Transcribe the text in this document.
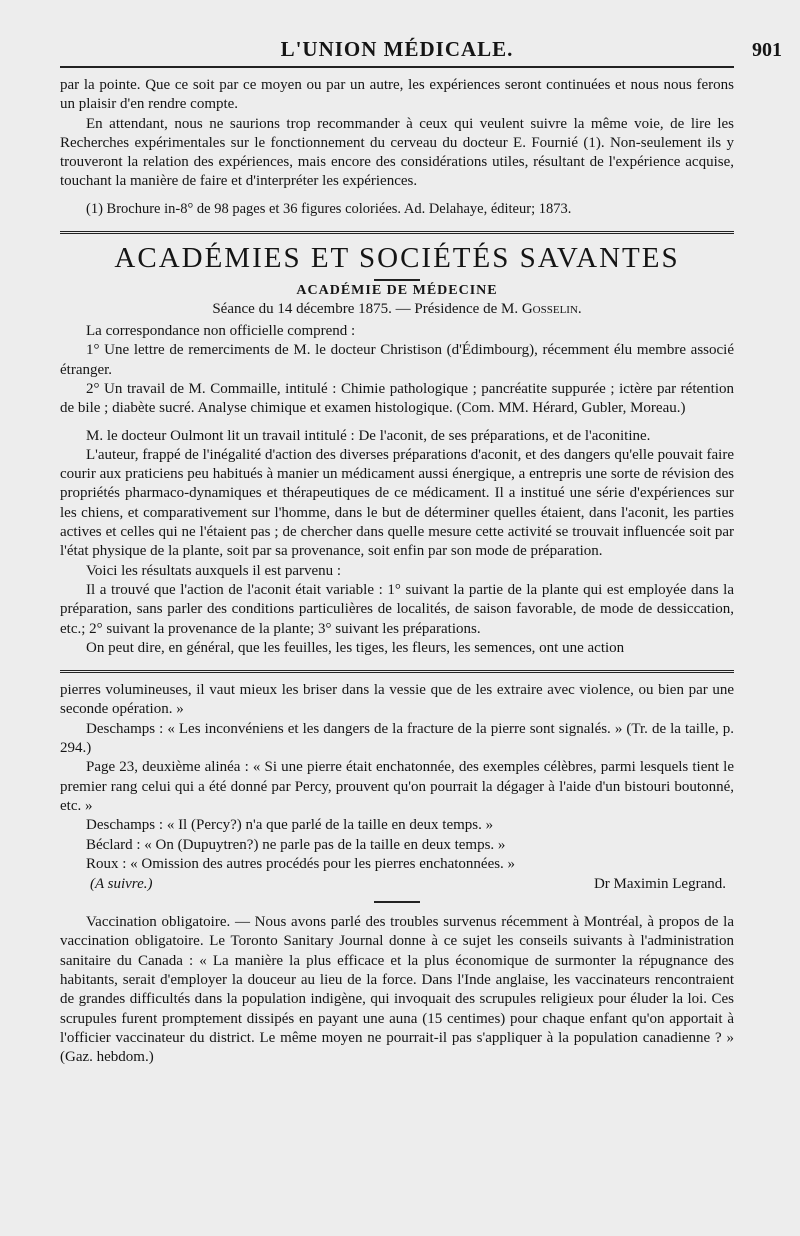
L'UNION MÉDICALE.	901

par la pointe. Que ce soit par ce moyen ou par un autre, les expériences seront continuées et nous nous ferons un plaisir d'en rendre compte.

En attendant, nous ne saurions trop recommander à ceux qui veulent suivre la même voie, de lire les Recherches expérimentales sur le fonctionnement du cerveau du docteur E. Fournié (1). Non-seulement ils y trouveront la relation des expériences, mais encore des considérations utiles, résultant de l'expérience acquise, touchant la manière de faire et d'interpréter les expériences.

(1) Brochure in-8° de 98 pages et 36 figures coloriées. Ad. Delahaye, éditeur; 1873.

ACADÉMIES ET SOCIÉTÉS SAVANTES
ACADÉMIE DE MÉDECINE
Séance du 14 décembre 1875. — Présidence de M. Gosselin.

La correspondance non officielle comprend :

1° Une lettre de remerciments de M. le docteur Christison (d'Édimbourg), récemment élu membre associé étranger.

2° Un travail de M. Commaille, intitulé : Chimie pathologique ; pancréatite suppurée ; ictère par rétention de bile ; diabète sucré. Analyse chimique et examen histologique. (Com. MM. Hérard, Gubler, Moreau.)

M. le docteur Oulmont lit un travail intitulé : De l'aconit, de ses préparations, et de l'aconitine.

L'auteur, frappé de l'inégalité d'action des diverses préparations d'aconit, et des dangers qu'elle pouvait faire courir aux praticiens peu habitués à manier un médicament aussi énergique, a entrepris une sorte de révision des propriétés pharmaco-dynamiques et thérapeutiques de ce médicament. Il a institué une série d'expériences sur les chiens, et comparativement sur l'homme, dans le but de déterminer quelles étaient, dans l'aconit, les parties actives et celles qui ne l'étaient pas ; de chercher dans quelle mesure cette activité se trouvait influencée soit par l'état physique de la plante, soit par sa provenance, soit enfin par son mode de préparation.

Voici les résultats auxquels il est parvenu :

Il a trouvé que l'action de l'aconit était variable : 1° suivant la partie de la plante qui est employée dans la préparation, sans parler des conditions particulières de localités, de saison favorable, de mode de dessiccation, etc.; 2° suivant la provenance de la plante; 3° suivant les préparations.

On peut dire, en général, que les feuilles, les tiges, les fleurs, les semences, ont une action

pierres volumineuses, il vaut mieux les briser dans la vessie que de les extraire avec violence, ou bien par une seconde opération. »

Deschamps : « Les inconvéniens et les dangers de la fracture de la pierre sont signalés. » (Tr. de la taille, p. 294.)

Page 23, deuxième alinéa : « Si une pierre était enchatonnée, des exemples célèbres, parmi lesquels tient le premier rang celui qui a été donné par Percy, prouvent qu'on pourrait la dégager à l'aide d'un bistouri boutonné, etc. »

Deschamps : « Il (Percy?) n'a que parlé de la taille en deux temps. »

Béclard : « On (Dupuytren?) ne parle pas de la taille en deux temps. »

Roux : « Omission des autres procédés pour les pierres enchatonnées. »

(A suivre.)	Dr Maximin Legrand.

Vaccination obligatoire. — Nous avons parlé des troubles survenus récemment à Montréal, à propos de la vaccination obligatoire. Le Toronto Sanitary Journal donne à ce sujet les conseils suivants à l'administration sanitaire du Canada : « La manière la plus efficace et la plus économique de surmonter la répugnance des habitants, serait d'employer la douceur au lieu de la force. Dans l'Inde anglaise, les vaccinateurs rencontraient de grandes difficultés dans la population indigène, qui invoquait des scrupules religieux pour éluder la loi. Ces scrupules furent promptement dissipés en payant une auna (15 centimes) pour chaque enfant qu'on apportait à l'officier vaccinateur du district. Le même moyen ne pourrait-il pas s'appliquer à la population canadienne ? » (Gaz. hebdom.)
